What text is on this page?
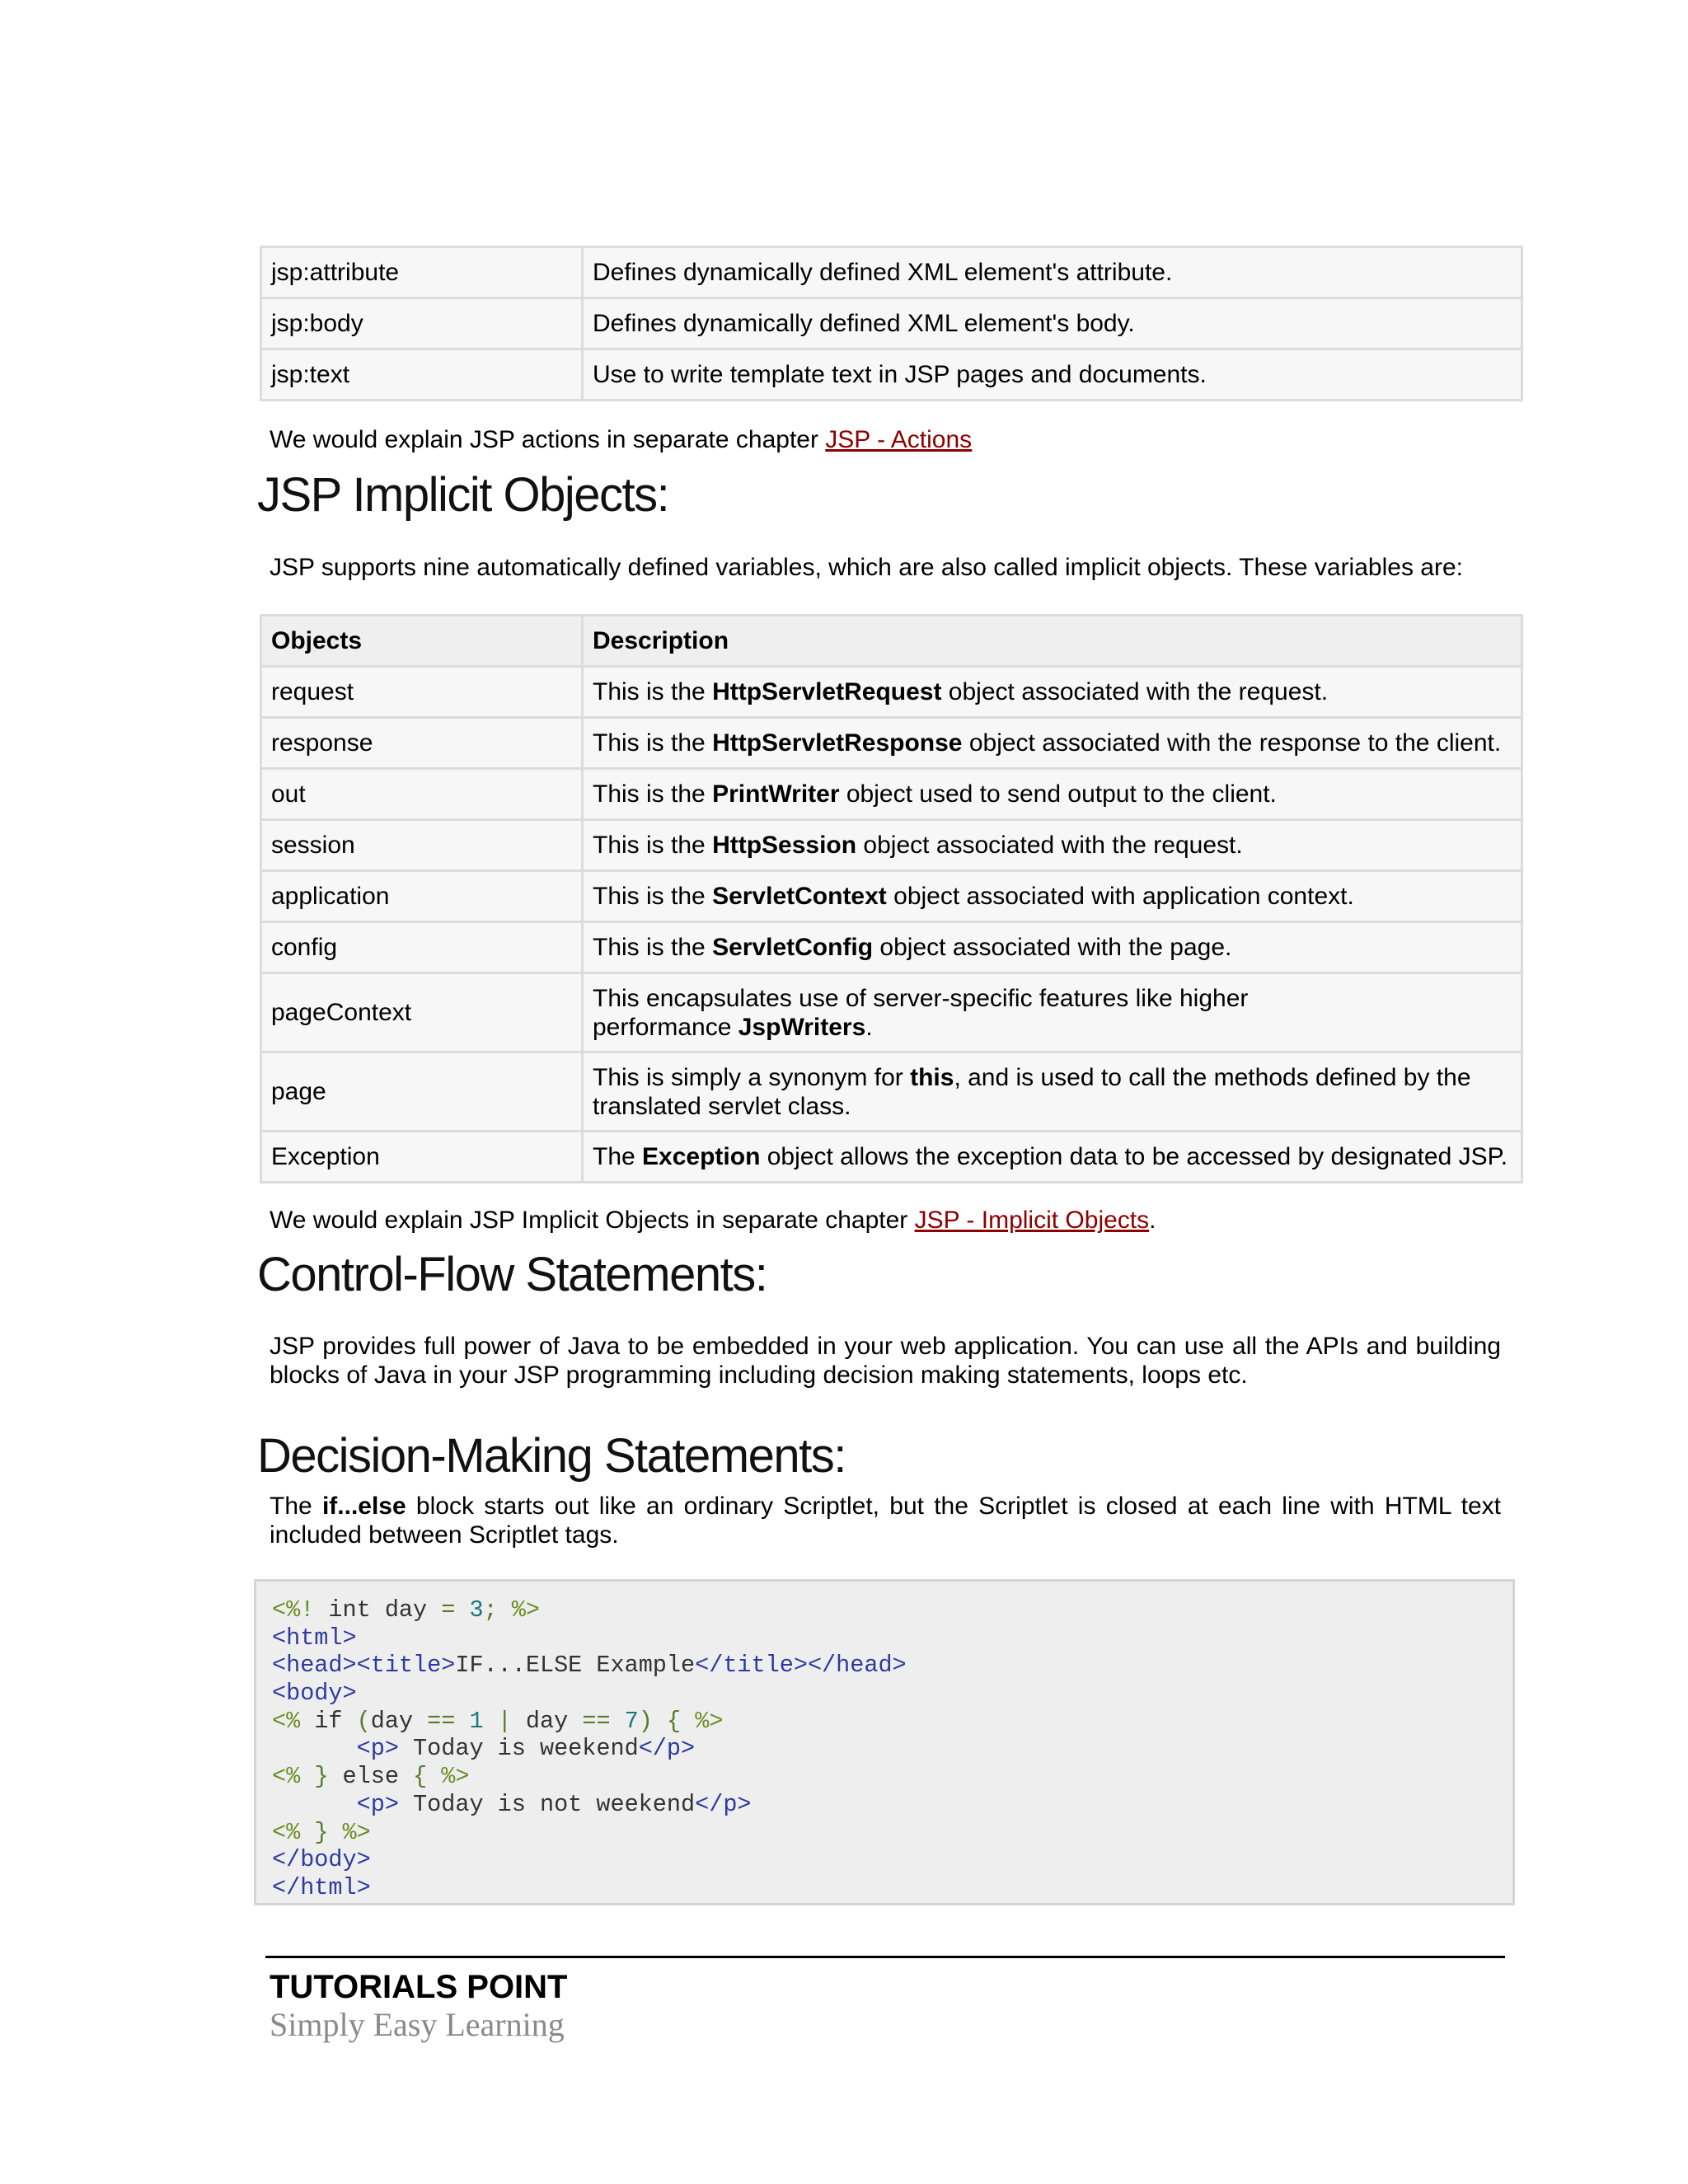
jsp:attribute	Defines dynamically defined XML element's attribute.
jsp:body	Defines dynamically defined XML element's body.
jsp:text	Use to write template text in JSP pages and documents.

We would explain JSP actions in separate chapter JSP - Actions

JSP Implicit Objects:

JSP supports nine automatically defined variables, which are also called implicit objects. These variables are:

Objects	Description
request	This is the HttpServletRequest object associated with the request.
response	This is the HttpServletResponse object associated with the response to the client.
out	This is the PrintWriter object used to send output to the client.
session	This is the HttpSession object associated with the request.
application	This is the ServletContext object associated with application context.
config	This is the ServletConfig object associated with the page.
pageContext	This encapsulates use of server-specific features like higher performance JspWriters.
page	This is simply a synonym for this, and is used to call the methods defined by the translated servlet class.
Exception	The Exception object allows the exception data to be accessed by designated JSP.

We would explain JSP Implicit Objects in separate chapter JSP - Implicit Objects.

Control-Flow Statements:

JSP provides full power of Java to be embedded in your web application. You can use all the APIs and building blocks of Java in your JSP programming including decision making statements, loops etc.

Decision-Making Statements:

The if...else block starts out like an ordinary Scriptlet, but the Scriptlet is closed at each line with HTML text included between Scriptlet tags.

<%! int day = 3; %>
<html>
<head><title>IF...ELSE Example</title></head>
<body>
<% if (day == 1 | day == 7) { %>
<p> Today is weekend</p>
<% } else { %>
<p> Today is not weekend</p>
<% } %>
</body>
</html>

TUTORIALS POINT

Simply Easy Learning
